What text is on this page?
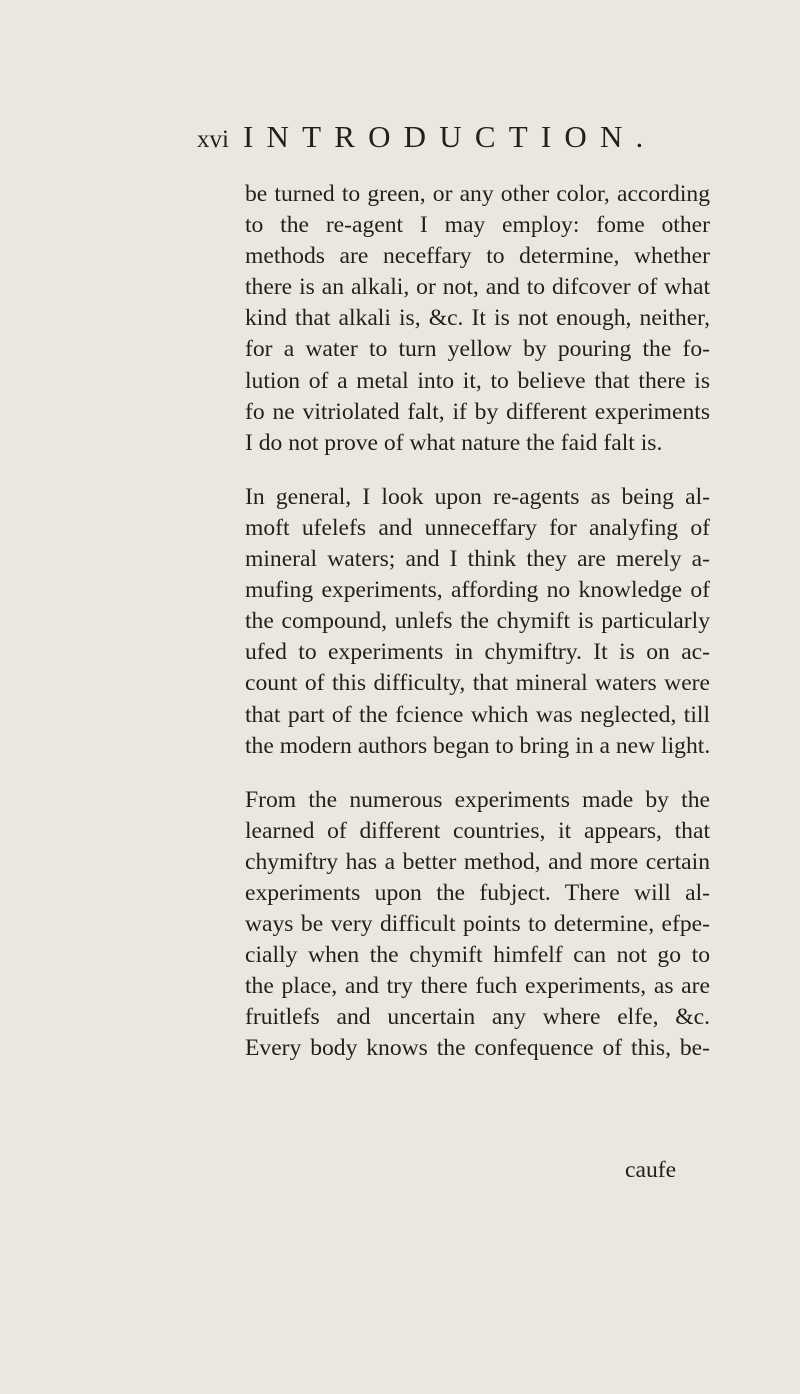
xvi INTRODUCTION.
be turned to green, or any other color, according
to the re-agent I may employ: fome other
methods are neceffary to determine, whether
there is an alkali, or not, and to difcover of what
kind that alkali is, &c. It is not enough, neither,
for a water to turn yellow by pouring the fo-
lution of a metal into it, to believe that there is
fo ne vitriolated falt, if by different experiments
I do not prove of what nature the faid falt is.
In general, I look upon re-agents as being al-
moft ufelefs and unneceffary for analyfing of
mineral waters; and I think they are merely a-
mufing experiments, affording no knowledge of
the compound, unlefs the chymift is particularly
ufed to experiments in chymiftry. It is on ac-
count of this difficulty, that mineral waters were
that part of the fcience which was neglected, till
the modern authors began to bring in a new light.
From the numerous experiments made by the
learned of different countries, it appears, that
chymiftry has a better method, and more certain
experiments upon the fubject. There will al-
ways be very difficult points to determine, efpe-
cially when the chymift himfelf can not go to
the place, and try there fuch experiments, as are
fruitlefs and uncertain any where elfe, &c.
Every body knows the confequence of this, be-
caufe
